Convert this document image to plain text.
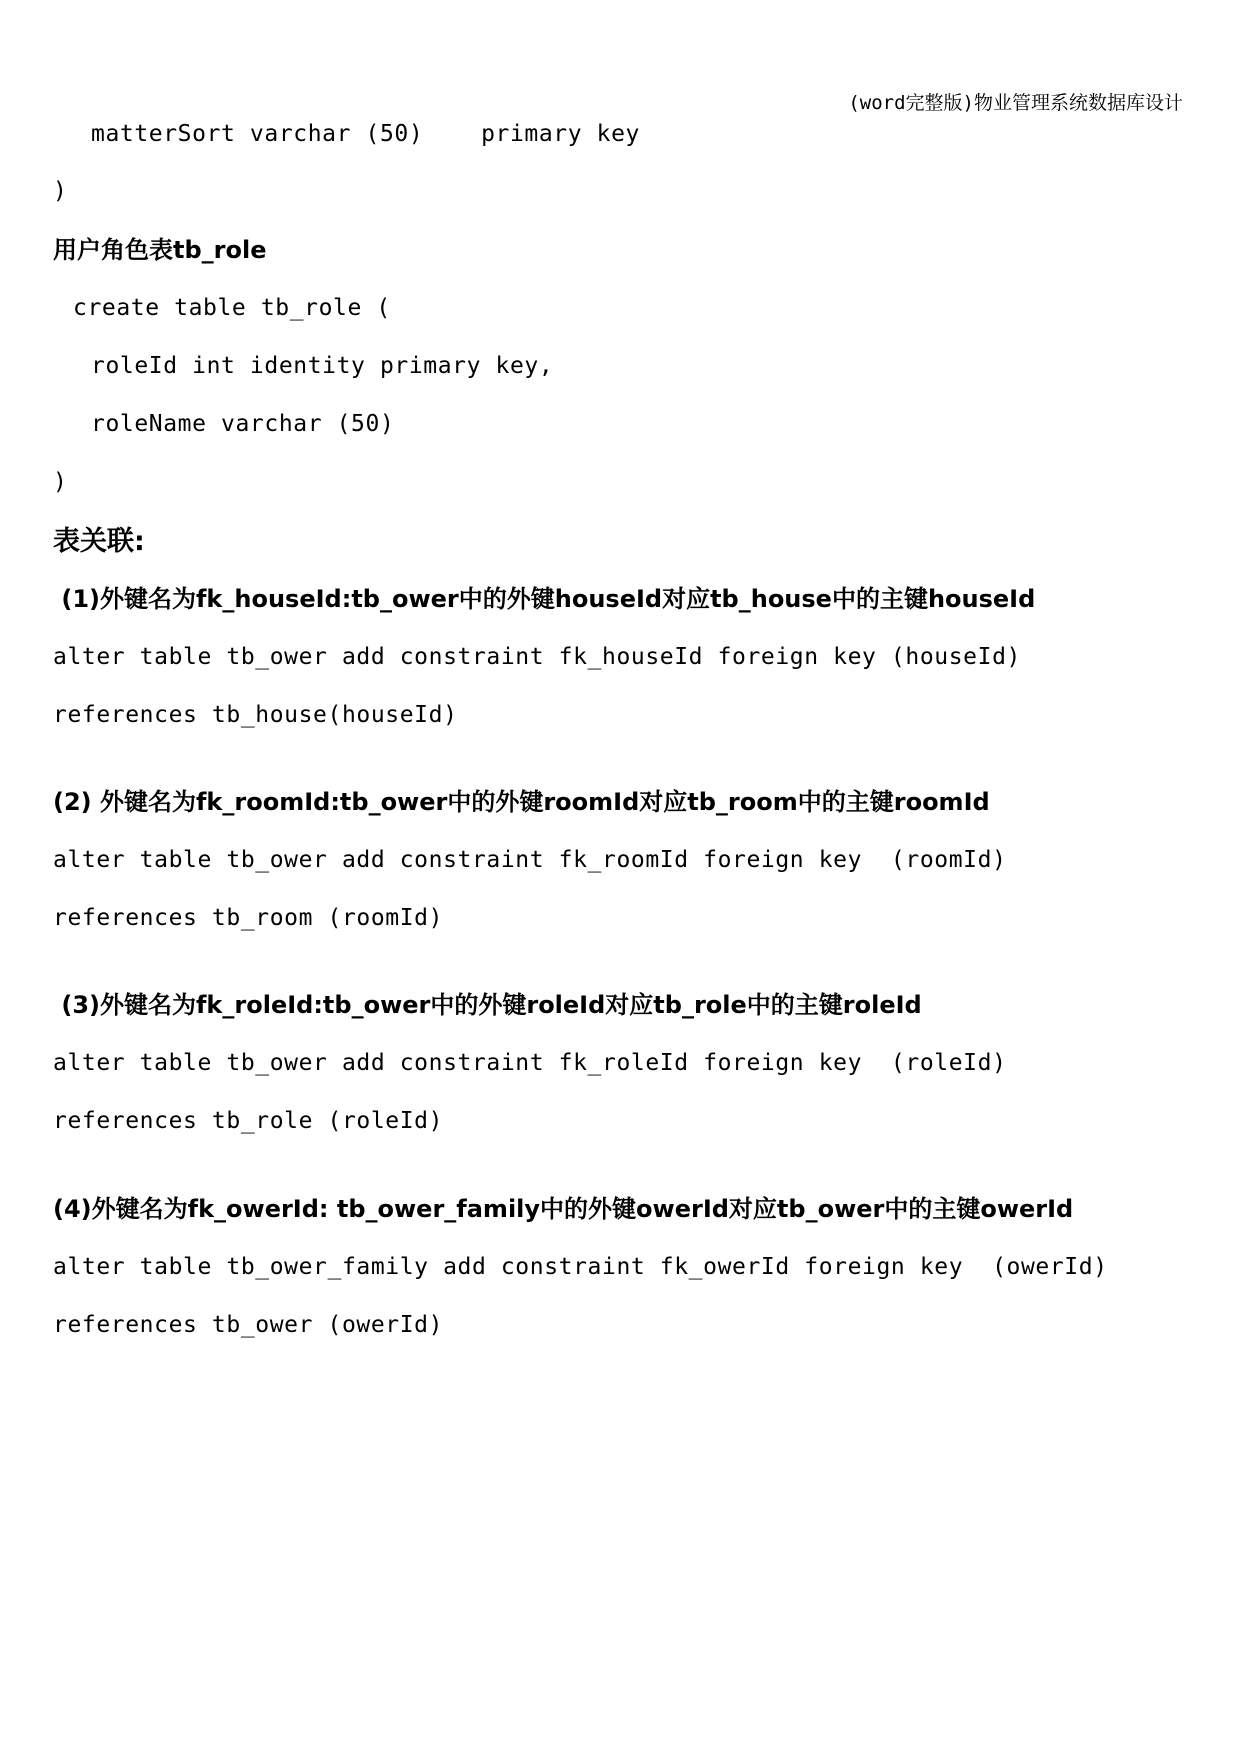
(word完整版)物业管理系统数据库设计
matterSort varchar (50)    primary key
)
用户角色表tb_role
create table tb_role (
roleId int identity primary key,
roleName varchar (50)
)
表关联:
(1)外键名为fk_houseId:tb_ower中的外键houseId对应tb_house中的主键houseId
alter table tb_ower add constraint fk_houseId foreign key (houseId)
references tb_house(houseId)
(2) 外键名为fk_roomId:tb_ower中的外键roomId对应tb_room中的主键roomId
alter table tb_ower add constraint fk_roomId foreign key  (roomId)
references tb_room (roomId)
(3)外键名为fk_roleId:tb_ower中的外键roleId对应tb_role中的主键roleId
alter table tb_ower add constraint fk_roleId foreign key  (roleId)
references tb_role (roleId)
(4)外键名为fk_owerId: tb_ower_family中的外键owerId对应tb_ower中的主键owerId
alter table tb_ower_family add constraint fk_owerId foreign key  (owerId)
references tb_ower (owerId)
